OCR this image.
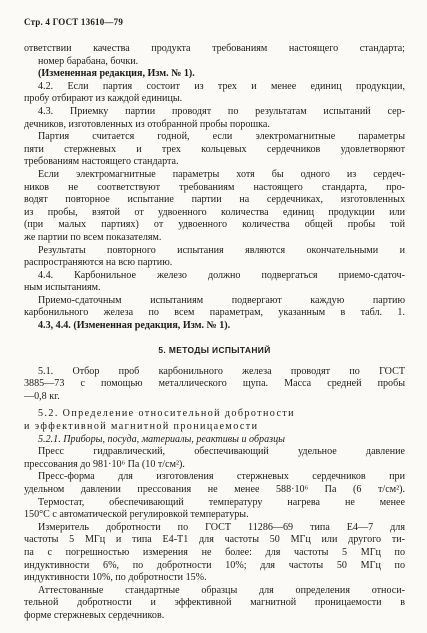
Стр. 4 ГОСТ 13610—79
ответствии качества продукта требованиям настоящего стандарта;
номер барабана, бочки.
(Измененная редакция, Изм. № 1).
4.2. Если партия состоит из трех и менее единиц продукции,
пробу отбирают из каждой единицы.
4.3. Приемку партии проводят по результатам испытаний сер-
дечников, изготовленных из отобранной пробы порошка.
Партия считается годной, если электромагнитные параметры
пяти стержневых и трех кольцевых сердечников удовлетворяют
требованиям настоящего стандарта.
Если электромагнитные параметры хотя бы одного из сердеч-
ников не соответствуют требованиям настоящего стандарта, про-
водят повторное испытание партии на сердечниках, изготовленных
из пробы, взятой от удвоенного количества единиц продукции или
(при малых партиях) от удвоенного количества общей пробы той
же партии по всем показателям.
Результаты повторного испытания являются окончательными и
распространяются на всю партию.
4.4. Карбонильное железо должно подвергаться приемо-сдаточ-
ным испытаниям.
Приемо-сдаточным испытаниям подвергают каждую партию
карбонильного железа по всем параметрам, указанным в табл. 1.
4.3, 4.4. (Измененная редакция, Изм. № 1).
5. МЕТОДЫ ИСПЫТАНИЙ
5.1. Отбор проб карбонильного железа проводят по ГОСТ
3885—73 с помощью металлического щупа. Масса средней пробы
—0,8 кг.
5.2. Определение относительной добротности
и эффективной магнитной проницаемости
5.2.1. Приборы, посуда, материалы, реактивы и образцы
Пресс гидравлический, обеспечивающий удельное давление
прессования до 981·10⁶ Па (10 т/см²).
Пресс-форма для изготовления стержневых сердечников при
удельном давлении прессования не менее 588·10⁶ Па (6 т/см²).
Термостат, обеспечивающий температуру нагрева не менее
150°С с автоматической регулировкой температуры.
Измеритель добротности по ГОСТ 11286—69 типа Е4—7 для
частоты 5 МГц и типа Е4-Т1 для частоты 50 МГц или другого ти-
па с погрешностью измерения не более: для частоты 5 МГц по
индуктивности 6%, по добротности 10%; для частоты 50 МГц по
индуктивности 10%, по добротности 15%.
Аттестованные стандартные образцы для определения относи-
тельной добротности и эффективной магнитной проницаемости в
форме стержневых сердечников.
